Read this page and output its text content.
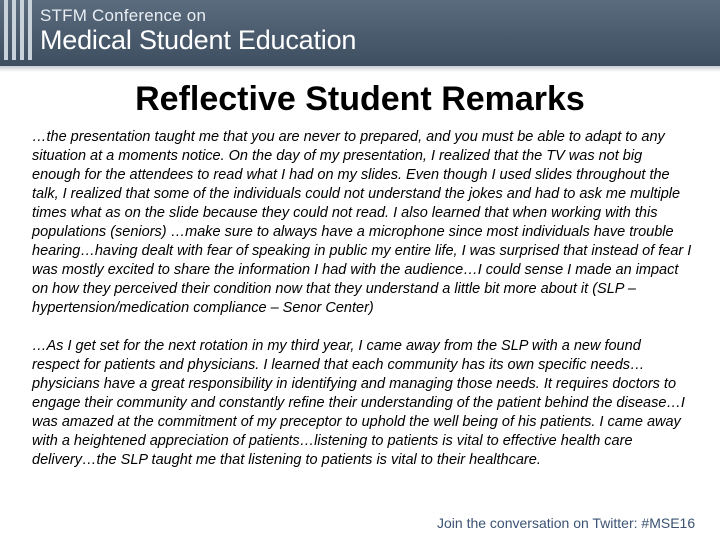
STFM Conference on
Medical Student Education
Reflective Student Remarks

…the presentation taught me that you are never to prepared, and you must be able to adapt to any situation at a moments notice. On the day of my presentation, I realized that the TV was not big enough for the attendees to read what I had on my slides. Even though I used slides throughout the talk, I realized that some of the individuals could not understand the jokes and had to ask me multiple times what as on the slide because they could not read. I also learned that when working with this populations (seniors) …make sure to always have a microphone since most individuals have trouble hearing…having dealt with fear of speaking in public my entire life, I was surprised that instead of fear I was mostly excited to share the information I had with the audience…I could sense I made an impact on how they perceived their condition now that they understand a little bit more about it (SLP – hypertension/medication compliance – Senor Center)

…As I get set for the next rotation in my third year, I came away from the SLP with a new found respect for patients and physicians. I learned that each community has its own specific needs…physicians have a great responsibility in identifying and managing those needs. It requires doctors to engage their community and constantly refine their understanding of the patient behind the disease…I was amazed at the commitment of my preceptor to uphold the well being of his patients. I came away with a heightened appreciation of patients…listening to patients is vital to effective health care delivery…the SLP taught me that listening to patients is vital to their healthcare.

Join the conversation on Twitter: #MSE16
